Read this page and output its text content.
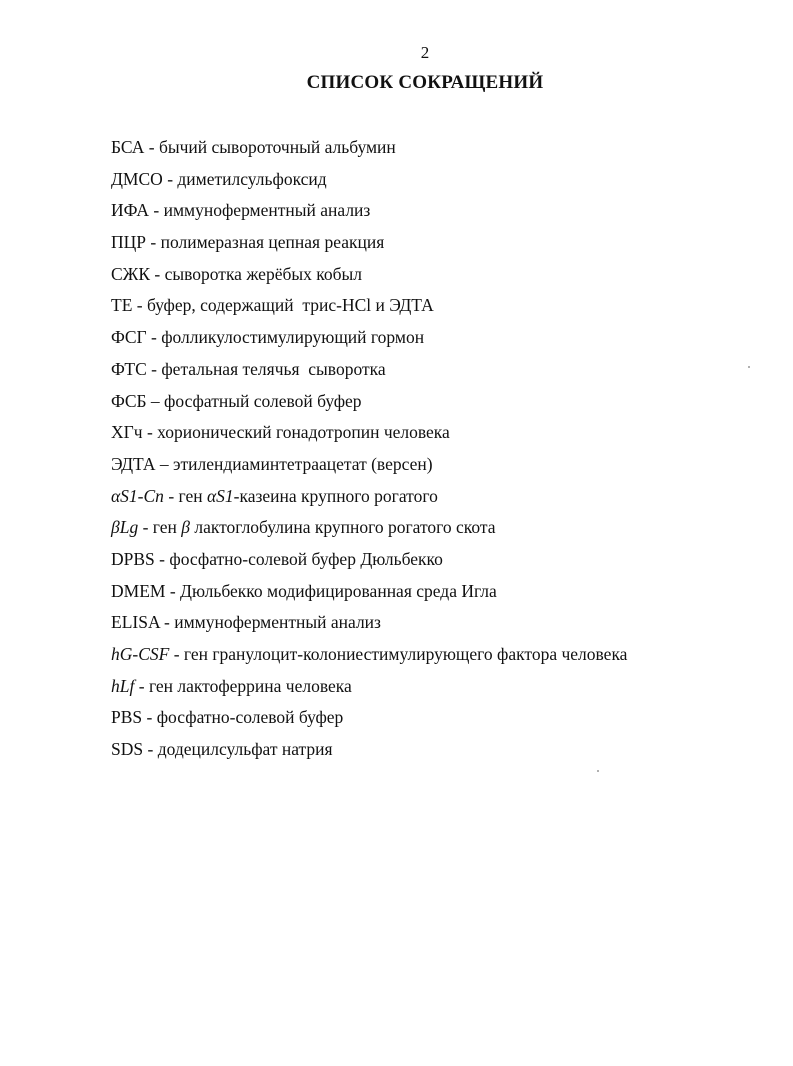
2
СПИСОК СОКРАЩЕНИЙ
БСА - бычий сывороточный альбумин
ДМСО - диметилсульфоксид
ИФА - иммуноферментный анализ
ПЦР - полимеразная цепная реакция
СЖК - сыворотка жерёбых кобыл
ТЕ - буфер, содержащий  трис-HCl и ЭДТА
ФСГ - фолликулостимулирующий гормон
ФТС - фетальная телячья  сыворотка
ФСБ – фосфатный солевой буфер
ХГч - хорионический гонадотропин человека
ЭДТА – этилендиаминтетраацетат (версен)
αS1-Cn - ген αS1-казеина крупного рогатого
βLg - ген β лактоглобулина крупного рогатого скота
DPBS - фосфатно-солевой буфер Дюльбекко
DMEM - Дюльбекко модифицированная среда Игла
ELISA - иммуноферментный анализ
hG-CSF - ген гранулоцит-колониестимулирующего фактора человека
hLf - ген лактоферрина человека
PBS - фосфатно-солевой буфер
SDS - додецилсульфат натрия
